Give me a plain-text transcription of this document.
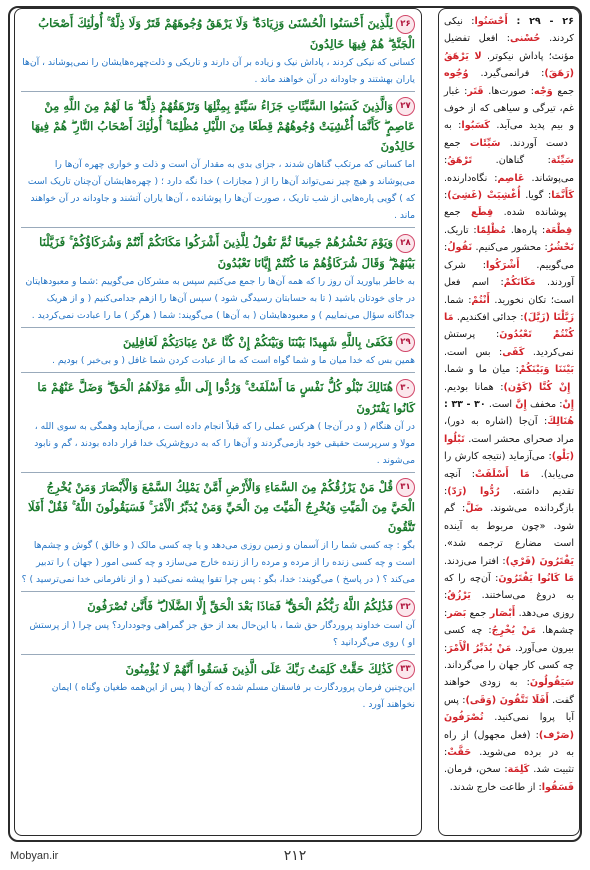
۲۶ - ۲۹ : أَحْسَنُوا: نیکی کردند. حُسْنی: افعل تفضیل مؤنث؛ پاداش نیکوتر. لا یَرْهَقُ (رَهَقَ): فرانمی‌گیرد. وُجُوه جمع وَجْه: صورت‌ها. قَتَر: غبار غم، تیرگی و سیاهی که از خوف و بیم پدید می‌آید. کَسَبُوا: به دست آوردند. سَیِّئَات جمع سَیِّئَة: گناهان. تَرْهَقُ: می‌پوشاند. عَاصِم: نگاه‌دارنده. کَأَنَّمَا: گویا. أُغْشِیَتْ (غَشِیَ): پوشانده شده. قِطَع جمع قِطْعَة: پاره‌ها. مُظْلِمًا: تاریک. نَحْشُرُ: محشور می‌کنیم. نَقُولُ: می‌گوییم. أَشْرَكُوا: شرک آوردند. مَكَانَكُمْ: اسم فعل است؛ تکان نخورید. أَنْتُمْ: شما. زَيَّلْنَا (زَيَّلَ): جدائی افکندیم. مَا كُنْتُمْ تَعْبُدُونَ: پرستش نمی‌کردید. كَفَى: بس است. بَيْنَنَا وَبَيْنَكُمْ: میان ما و شما. إِنْ كُنَّا (كَوْن): همانا بودیم. إِنْ: مخفف إِنَّ است. ۳۰ - ۳۳ : هُنَالِكَ: آن‌جا (اشاره به دور)، مراد صحرای محشر است. تَبْلُوا (بَلْو): می‌آزماید (نتیجه کارش را می‌یابد). مَا أَسْلَفَتْ: آنچه تقدیم داشته. رُدُّوا (رَدّ): بازگردانده می‌شوند. ضَلَّ: گم شود. «چون مربوط به آینده است مضارع ترجمه شد». يَفْتَرُونَ (فَرْي): افترا می‌زدند. مَا كَانُوا يَفْتَرُونَ: آن‌چه را که به دروغ می‌ساختند. يَرْزُقُ: روزی می‌دهد. أَبْصَار جمع بَصَر: چشم‌ها. مَنْ يُخْرِجُ: چه کسی بیرون می‌آورد. مَنْ يُدَبِّرُ الْأَمْرَ: چه کسی کار جهان را می‌گرداند. سَيَقُولُونَ: به زودی خواهند گفت. أَفَلَا تَتَّقُونَ (وَقَى): پس آیا پروا نمی‌کنید. تُصْرَفُونَ (صَرْف): (فعل مجهول) از راه به در برده می‌شوید. حَقَّتْ: تثبیت شد. كَلِمَة: سخن، فرمان. فَسَقُوا: از طاعت خارج شدند.
۲۶لِلَّذِينَ أَحْسَنُوا الْحُسْنَىٰ وَزِيَادَةٌ ۖ وَلَا يَرْهَقُ وُجُوهَهُمْ قَتَرٌ وَلَا ذِلَّةٌ ۚ أُولَٰئِكَ أَصْحَابُ الْجَنَّةِ ۖ هُمْ فِيهَا خَالِدُونَ
کسانی که نیکی کردند ، پاداش نیک و زیاده بر آن دارند و تاریکی و ذلت‌چهره‌هایشان را نمی‌پوشاند ، آن‌ها یاران بهشتند و جاودانه در آن خواهند ماند .
۲۷وَالَّذِينَ كَسَبُوا السَّيِّئَاتِ جَزَاءُ سَيِّئَةٍ بِمِثْلِهَا وَتَرْهَقُهُمْ ذِلَّةٌ ۖ مَا لَهُمْ مِنَ اللَّهِ مِنْ عَاصِمٍ ۖ كَأَنَّمَا أُغْشِيَتْ وُجُوهُهُمْ قِطَعًا مِنَ اللَّيْلِ مُظْلِمًا ۚ أُولَٰئِكَ أَصْحَابُ النَّارِ ۖ هُمْ فِيهَا خَالِدُونَ
اما کسانی که مرتکب گناهان شدند ، جزای بدی به مقدار آن است و ذلت و خواری چهره آن‌ها را می‌پوشاند و هیچ چیز نمی‌تواند آن‌ها را از ( مجازات ) خدا نگه دارد ؛ ( چهره‌هایشان آن‌چنان تاریک است که ) گویی پاره‌هایی از شب تاریک ، صورت آن‌ها را پوشانده ، آن‌ها یاران آتشند و جاودانه در آن خواهند ماند .
۲۸وَيَوْمَ نَحْشُرُهُمْ جَمِيعًا ثُمَّ نَقُولُ لِلَّذِينَ أَشْرَكُوا مَكَانَكُمْ أَنْتُمْ وَشُرَكَاؤُكُمْ ۚ فَزَيَّلْنَا بَيْنَهُمْ ۖ وَقَالَ شُرَكَاؤُهُمْ مَا كُنْتُمْ إِيَّانَا تَعْبُدُونَ
به خاطر بیاورید آن روز را که همه آن‌ها را جمع می‌کنیم سپس به مشرکان می‌گوییم :شما و معبودهایتان در جای خودتان باشید ( تا به حسابتان رسیدگی شود ) سپس آن‌ها را ازهم جدامی‌کنیم ( و از هریک جداگانه سؤال می‌نماییم ) و معبودهایشان ( به آن‌ها ) می‌گویند: شما ( هرگز ) ما را عبادت نمی‌کردید .
۲۹فَكَفَىٰ بِاللَّهِ شَهِيدًا بَيْنَنَا وَبَيْنَكُمْ إِنْ كُنَّا عَنْ عِبَادَتِكُمْ لَغَافِلِينَ
همین بس که خدا میان ما و شما گواه است که ما از عبادت کردن شما غافل ( و بی‌خبر ) بودیم .
۳۰هُنَالِكَ تَبْلُو كُلُّ نَفْسٍ مَا أَسْلَفَتْ ۚ وَرُدُّوا إِلَى اللَّهِ مَوْلَاهُمُ الْحَقِّ ۖ وَضَلَّ عَنْهُمْ مَا كَانُوا يَفْتَرُونَ
در آن هنگام ( و در آن‌جا ) هرکس عملی را که قبلاً انجام داده است ، می‌آزماید وهمگی به سوی الله ، مولا و سرپرست حقیقی خود بازمی‌گردند و آن‌ها را که به دروغ‌شریک خدا قرار داده بودند ، گم و نابود می‌شوند .
۳۱قُلْ مَنْ يَرْزُقُكُمْ مِنَ السَّمَاءِ وَالْأَرْضِ أَمَّنْ يَمْلِكُ السَّمْعَ وَالْأَبْصَارَ وَمَنْ يُخْرِجُ الْحَيَّ مِنَ الْمَيِّتِ وَيُخْرِجُ الْمَيِّتَ مِنَ الْحَيِّ وَمَنْ يُدَبِّرُ الْأَمْرَ ۚ فَسَيَقُولُونَ اللَّهُ ۚ فَقُلْ أَفَلَا تَتَّقُونَ
بگو : چه کسی شما را از آسمان و زمین روزی می‌دهد و یا چه کسی مالک ( و خالق ) گوش و چشم‌ها است و چه کسی زنده را از مرده و مرده را از زنده خارج می‌سازد و چه کسی امور ( جهان ) را تدبیر می‌کند ؟ ( در پاسخ ) می‌گویند: خدا، بگو : پس چرا تقوا پیشه نمی‌کنید ( و از نافرمانی خدا نمی‌ترسید ) ؟
۳۲فَذَٰلِكُمُ اللَّهُ رَبُّكُمُ الْحَقُّ ۖ فَمَاذَا بَعْدَ الْحَقِّ إِلَّا الضَّلَالُ ۖ فَأَنَّىٰ تُصْرَفُونَ
آن است خداوند پروردگار حق شما ، با این‌حال بعد از حق جز گمراهی وجوددارد؟ پس چرا ( از پرستش او ) روی می‌گردانید ؟
۳۳كَذَٰلِكَ حَقَّتْ كَلِمَتُ رَبِّكَ عَلَى الَّذِينَ فَسَقُوا أَنَّهُمْ لَا يُؤْمِنُونَ
این‌چنین فرمان پروردگارت بر فاسقان مسلم شده که آن‌ها ( پس از این‌همه طغیان وگناه ) ایمان نخواهند آورد .
Mobyan.ir	۲۱۲
